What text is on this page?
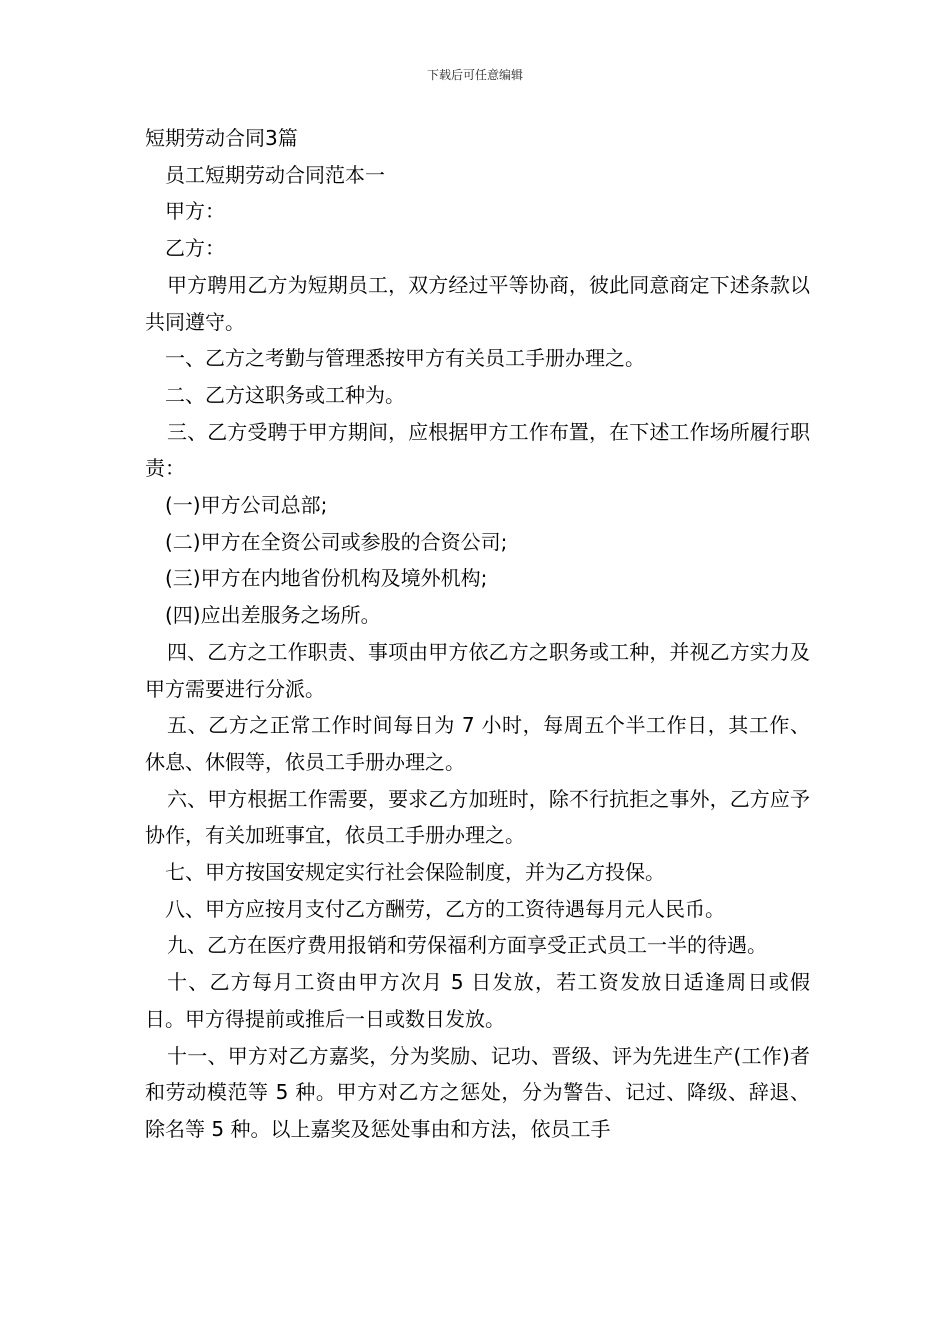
下载后可任意编辑

短期劳动合同3篇

员工短期劳动合同范本一

甲方：

乙方：

甲方聘用乙方为短期员工，双方经过平等协商，彼此同意商定下述条款以共同遵守。

一、乙方之考勤与管理悉按甲方有关员工手册办理之。

二、乙方这职务或工种为。

三、乙方受聘于甲方期间，应根据甲方工作布置，在下述工作场所履行职责：

(一)甲方公司总部;

(二)甲方在全资公司或参股的合资公司;

(三)甲方在内地省份机构及境外机构;

(四)应出差服务之场所。

四、乙方之工作职责、事项由甲方依乙方之职务或工种，并视乙方实力及甲方需要进行分派。

五、乙方之正常工作时间每日为 7 小时，每周五个半工作日，其工作、休息、休假等，依员工手册办理之。

六、甲方根据工作需要，要求乙方加班时，除不行抗拒之事外，乙方应予协作，有关加班事宜，依员工手册办理之。

七、甲方按国安规定实行社会保险制度，并为乙方投保。

八、甲方应按月支付乙方酬劳，乙方的工资待遇每月元人民币。

九、乙方在医疗费用报销和劳保福利方面享受正式员工一半的待遇。

十、乙方每月工资由甲方次月 5 日发放，若工资发放日适逢周日或假日。甲方得提前或推后一日或数日发放。

十一、甲方对乙方嘉奖，分为奖励、记功、晋级、评为先进生产(工作)者和劳动模范等 5 种。甲方对乙方之惩处，分为警告、记过、降级、辞退、除名等 5 种。以上嘉奖及惩处事由和方法，依员工手
